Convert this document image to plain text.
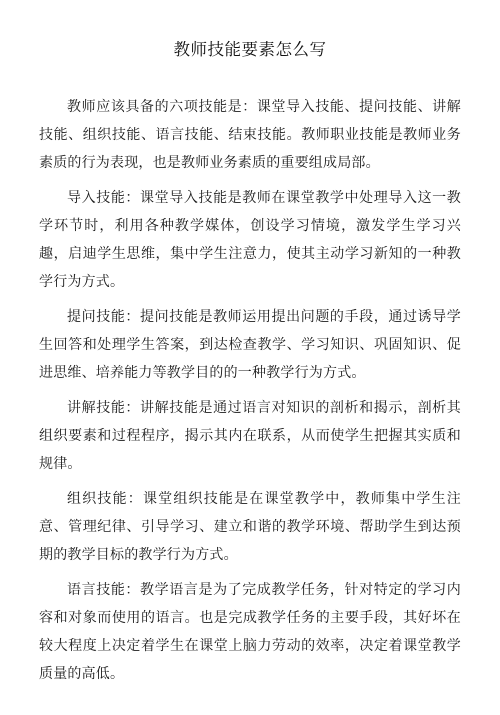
教师技能要素怎么写

教师应该具备的六项技能是：课堂导入技能、提问技能、讲解技能、组织技能、语言技能、结束技能。教师职业技能是教师业务素质的行为表现，也是教师业务素质的重要组成局部。

导入技能：课堂导入技能是教师在课堂教学中处理导入这一教学环节时，利用各种教学媒体，创设学习情境，激发学生学习兴趣，启迪学生思维，集中学生注意力，使其主动学习新知的一种教学行为方式。

提问技能：提问技能是教师运用提出问题的手段，通过诱导学生回答和处理学生答案，到达检查教学、学习知识、巩固知识、促进思维、培养能力等教学目的的一种教学行为方式。

讲解技能：讲解技能是通过语言对知识的剖析和揭示，剖析其组织要素和过程程序，揭示其内在联系，从而使学生把握其实质和规律。

组织技能：课堂组织技能是在课堂教学中，教师集中学生注意、管理纪律、引导学习、建立和谐的教学环境、帮助学生到达预期的教学目标的教学行为方式。

语言技能：教学语言是为了完成教学任务，针对特定的学习内容和对象而使用的语言。也是完成教学任务的主要手段，其好坏在较大程度上决定着学生在课堂上脑力劳动的效率，决定着课堂教学质量的高低。
